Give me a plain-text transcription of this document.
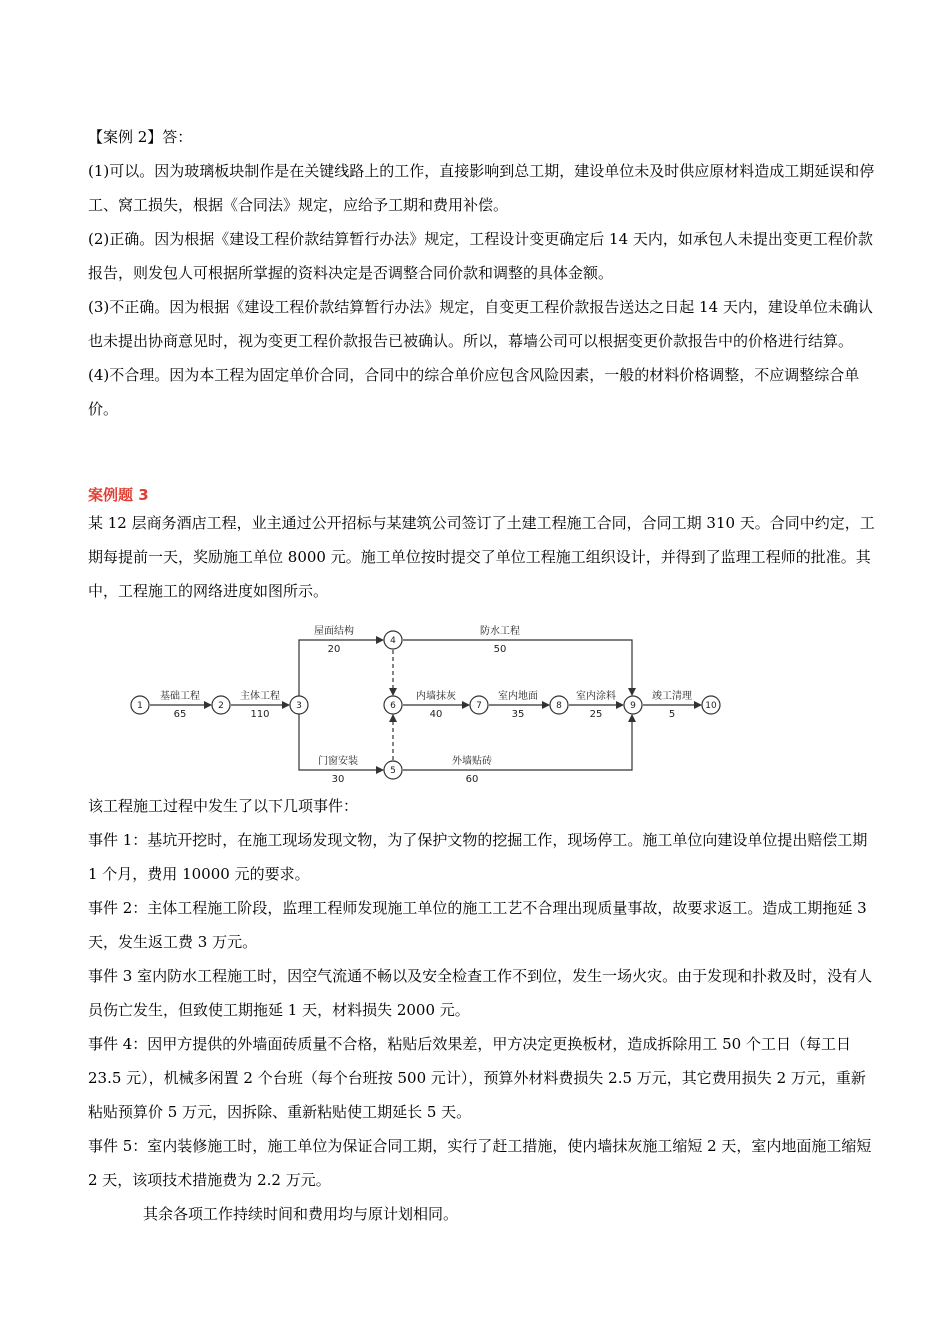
【案例 2】答：

(1)可以。因为玻璃板块制作是在关键线路上的工作，直接影响到总工期，建设单位未及时供应原材料造成工期延误和停工、窝工损失，根据《合同法》规定，应给予工期和费用补偿。

(2)正确。因为根据《建设工程价款结算暂行办法》规定，工程设计变更确定后 14 天内，如承包人未提出变更工程价款报告，则发包人可根据所掌握的资料决定是否调整合同价款和调整的具体金额。

(3)不正确。因为根据《建设工程价款结算暂行办法》规定，自变更工程价款报告送达之日起 14 天内，建设单位未确认也未提出协商意见时，视为变更工程价款报告已被确认。所以，幕墙公司可以根据变更价款报告中的价格进行结算。

(4)不合理。因为本工程为固定单价合同，合同中的综合单价应包含风险因素，一般的材料价格调整，不应调整综合单价。

案例题 3

某 12 层商务酒店工程，业主通过公开招标与某建筑公司签订了土建工程施工合同，合同工期 310 天。合同中约定，工期每提前一天，奖励施工单位 8000 元。施工单位按时提交了单位工程施工组织设计，并得到了监理工程师的批准。其中，工程施工的网络进度如图所示。

1	2	3
4
5
6	7	8	9	10
基础工程
65
主体工程
110
屋面结构
20
防水工程
50
内墙抹灰
40
室内地面
35
室内涂料
25
竣工清理
5
门窗安装
30
外墙贴砖
60

该工程施工过程中发生了以下几项事件：

事件 1：基坑开挖时，在施工现场发现文物，为了保护文物的挖掘工作，现场停工。施工单位向建设单位提出赔偿工期 1 个月，费用 10000 元的要求。

事件 2：主体工程施工阶段，监理工程师发现施工单位的施工工艺不合理出现质量事故，故要求返工。造成工期拖延 3 天，发生返工费 3 万元。

事件 3 室内防水工程施工时，因空气流通不畅以及安全检查工作不到位，发生一场火灾。由于发现和扑救及时，没有人员伤亡发生，但致使工期拖延 1 天，材料损失 2000 元。

事件 4：因甲方提供的外墙面砖质量不合格，粘贴后效果差，甲方决定更换板材，造成拆除用工 50 个工日（每工日 23.5 元），机械多闲置 2 个台班（每个台班按 500 元计），预算外材料费损失 2.5 万元，其它费用损失 2 万元，重新粘贴预算价 5 万元，因拆除、重新粘贴使工期延长 5 天。

事件 5：室内装修施工时，施工单位为保证合同工期，实行了赶工措施，使内墙抹灰施工缩短 2 天，室内地面施工缩短 2 天，该项技术措施费为 2.2 万元。

其余各项工作持续时间和费用均与原计划相同。
